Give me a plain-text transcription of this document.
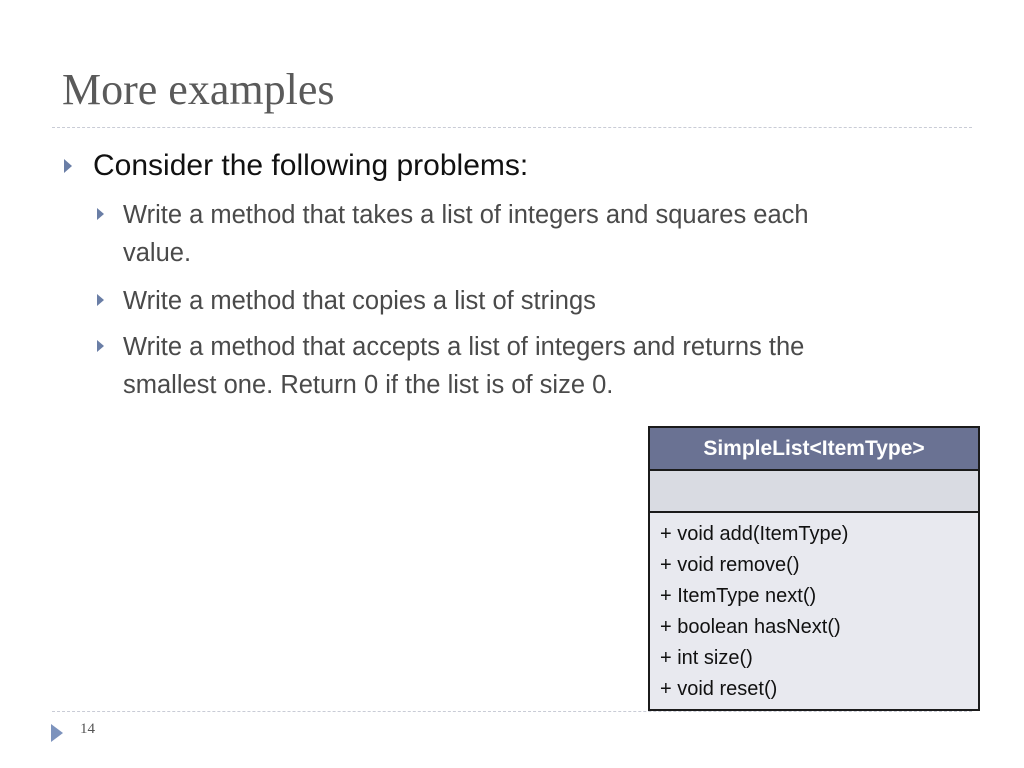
More examples
Consider the following problems:
Write a method that takes a list of integers and squares each
value.
Write a method that copies a list of strings
Write a method that accepts a list of integers and returns the
smallest one. Return 0 if the list is of size 0.
SimpleList<ItemType>
+ void add(ItemType)
+ void remove()
+ ItemType next()
+ boolean hasNext()
+ int size()
+ void reset()
14
